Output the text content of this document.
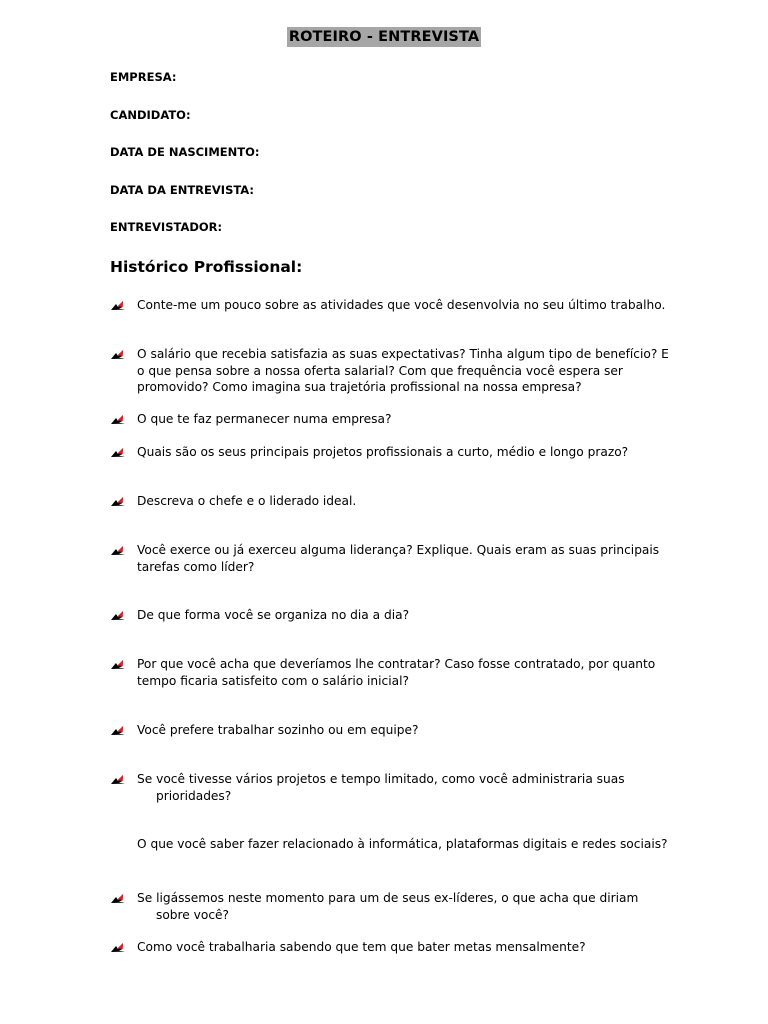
ROTEIRO - ENTREVISTA
EMPRESA:
CANDIDATO:
DATA DE NASCIMENTO:
DATA DA ENTREVISTA:
ENTREVISTADOR:
Histórico Profissional:
Conte-me um pouco sobre as atividades que você desenvolvia no seu último trabalho.
O salário que recebia satisfazia as suas expectativas? Tinha algum tipo de benefício? E o que pensa sobre a nossa oferta salarial? Com que frequência você espera ser promovido? Como imagina sua trajetória profissional na nossa empresa?
O que te faz permanecer numa empresa?
Quais são os seus principais projetos profissionais a curto, médio e longo prazo?
Descreva o chefe e o liderado ideal.
Você exerce ou já exerceu alguma liderança? Explique. Quais eram as suas principais tarefas como líder?
De que forma você se organiza no dia a dia?
Por que você acha que deveríamos lhe contratar? Caso fosse contratado, por quanto tempo ficaria satisfeito com o salário inicial?
Você prefere trabalhar sozinho ou em equipe?
Se você tivesse vários projetos e tempo limitado, como você administraria suas prioridades?
O que você saber fazer relacionado à informática, plataformas digitais e redes sociais?
Se ligássemos neste momento para um de seus ex-líderes, o que acha que diriam sobre você?
Como você trabalharia sabendo que tem que bater metas mensalmente?
